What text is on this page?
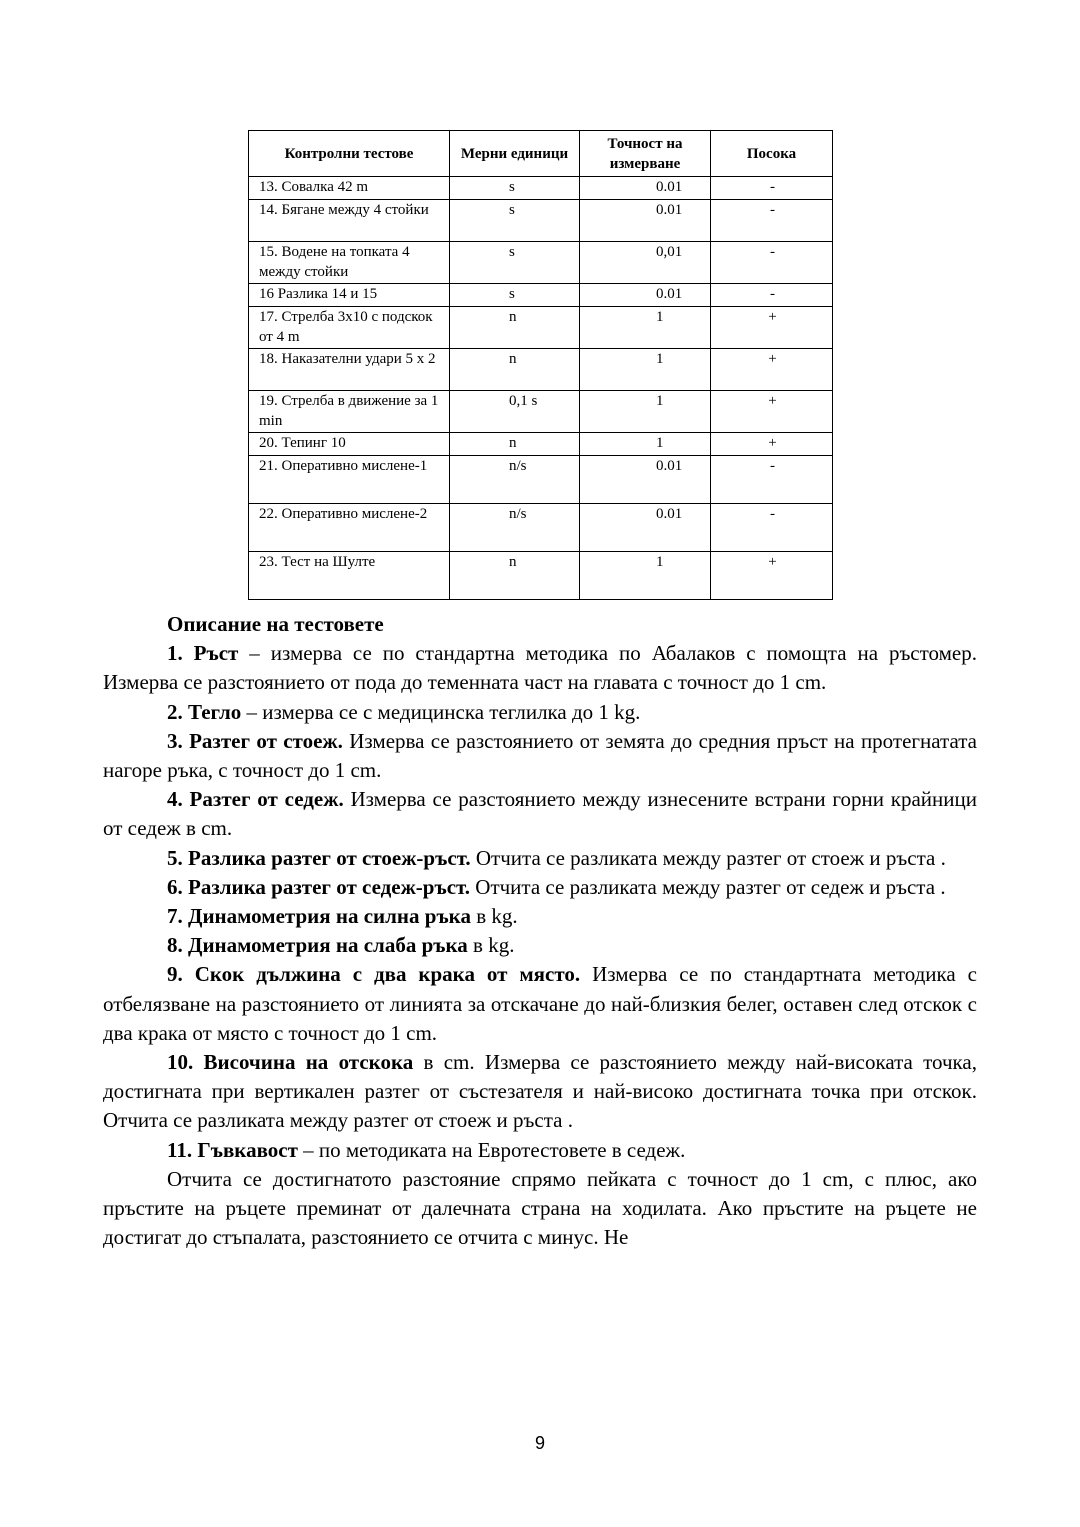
Контролни тестове	Мерни единици	Точност на измерване	Посока
13. Совалка 42 m	s	0.01	-
14. Бягане между 4 стойки	s	0.01	-
15. Водене на топката 4 между стойки	s	0,01	-
16 Разлика 14 и 15	s	0.01	-
17. Стрелба 3х10 с подскок от 4 m	n	1	+
18. Наказателни удари 5 х 2	n	1	+
19. Стрелба в движение за 1 min	0,1 s	1	+
20. Тепинг 10	n	1	+
21. Оперативно мислене-1	n/s	0.01	-
22. Оперативно мислене-2	n/s	0.01	-
23. Тест на Шулте	n	1	+

Описание на тестовете

1. Ръст – измерва се по стандартна методика по Абалаков с помощта на ръстомер. Измерва се разстоянието от пода до теменната част на главата с точност до 1 cm.

2. Тегло – измерва се с медицинска теглилка до 1 kg.

3. Разтег от стоеж. Измерва се разстоянието от земята до средния пръст на протегнатата нагоре ръка, с точност до 1 cm.

4. Разтег от седеж. Измерва се разстоянието между изнесените встрани горни крайници от седеж в cm.

5. Разлика разтег от стоеж-ръст. Отчита се разликата между разтег от стоеж и ръста .

6. Разлика разтег от седеж-ръст. Отчита се разликата между разтег от седеж и ръста .

7. Динамометрия на силна ръка в kg.

8. Динамометрия на слаба ръка в kg.

9. Скок дължина с два крака от място. Измерва се по стандартната методика с отбелязване на разстоянието от линията за отскачане до най-близкия белег, оставен след отскок с два крака от място с точност до 1 cm.

10. Височина на отскока в cm. Измерва се разстоянието между най-високата точка, достигната при вертикален разтег от състезателя и най-високо достигната точка при отскок. Отчита се разликата между разтег от стоеж и ръста .

11. Гъвкавост – по методиката на Евротестовете в седеж.

Отчита се достигнатото разстояние спрямо пейката с точност до 1 cm, с плюс, ако пръстите на ръцете преминат от далечната страна на ходилата. Ако пръстите на ръцете не достигат до стъпалата, разстоянието се отчита с минус. Не

9
